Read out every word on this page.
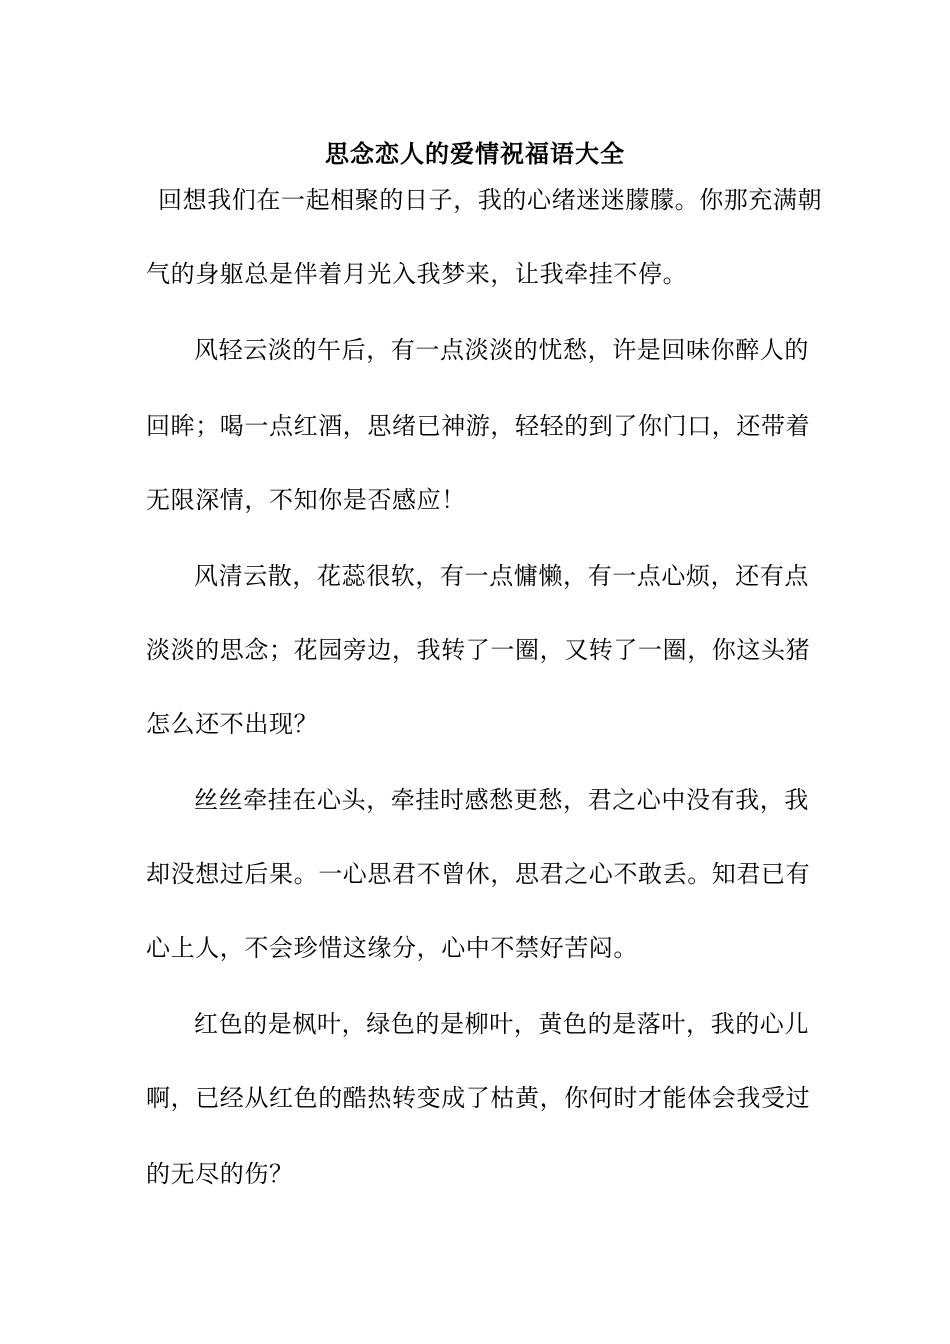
思念恋人的爱情祝福语大全
回想我们在一起相聚的日子，我的心绪迷迷朦朦。你那充满朝
气的身躯总是伴着月光入我梦来，让我牵挂不停。
风轻云淡的午后，有一点淡淡的忧愁，许是回味你醉人的
回眸；喝一点红酒，思绪已神游，轻轻的到了你门口，还带着
无限深情，不知你是否感应！
风清云散，花蕊很软，有一点慵懒，有一点心烦，还有点
淡淡的思念；花园旁边，我转了一圈，又转了一圈，你这头猪
怎么还不出现？
丝丝牵挂在心头，牵挂时感愁更愁，君之心中没有我，我
却没想过后果。一心思君不曾休，思君之心不敢丢。知君已有
心上人，不会珍惜这缘分，心中不禁好苦闷。
红色的是枫叶，绿色的是柳叶，黄色的是落叶，我的心儿
啊，已经从红色的酷热转变成了枯黄，你何时才能体会我受过
的无尽的伤？
